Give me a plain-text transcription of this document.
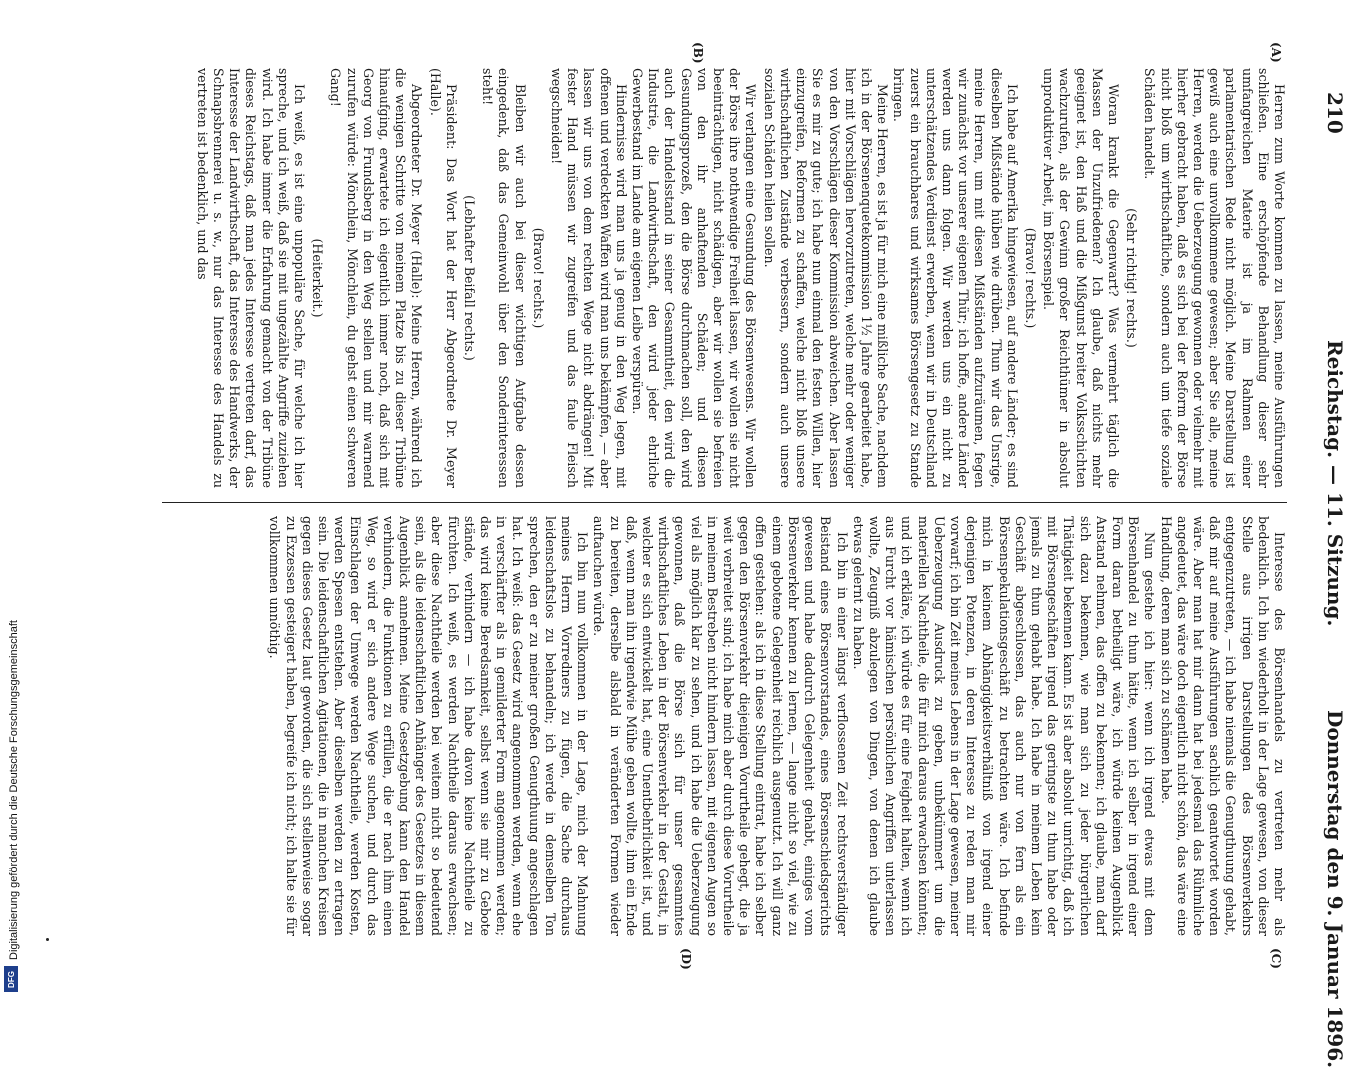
210
Reichstag. — 11. Sitzung.
Donnerstag den 9. Januar 1896.
(A)
(B)
(C)
(D)

Herren zum Worte kommen zu lassen, meine Ausführungen schließen. Eine erschöpfende Behandlung dieser sehr umfangreichen Materie ist ja im Rahmen einer parlamentarischen Rede nicht möglich. Meine Darstellung ist gewiß auch eine unvollkommene gewesen; aber Sie alle, meine Herren, werden die Ueberzeugung gewonnen oder vielmehr mit hierher gebracht haben, daß es sich bei der Reform der Börse nicht bloß um wirthschaftliche, sondern auch um tiefe soziale Schäden handelt.

(Sehr richtig! rechts.)

Woran krankt die Gegenwart? Was vermehrt täglich die Massen der Unzufriedenen? Ich glaube, daß nichts mehr geeignet ist, den Haß und die Mißgunst breiter Volksschichten wachzurufen, als der Gewinn großer Reichthümer in absolut unproduktiver Arbeit, im Börsenspiel.

(Bravo! rechts.)

Ich habe auf Amerika hingewiesen, auf andere Länder; es sind dieselben Mißstände hüben wie drüben. Thun wir das Unsrige, meine Herren, um mit diesen Mißständen aufzuräumen, fegen wir zunächst vor unserer eigenen Thür; ich hoffe, andere Länder werden uns dann folgen. Wir werden uns ein nicht zu unterschätzendes Verdienst erwerben, wenn wir in Deutschland zuerst ein brauchbares und wirksames Börsengesetz zu Stande bringen.

Meine Herren, es ist ja für mich eine mißliche Sache, nachdem ich in der Börsenenquetekommission 1½ Jahre gearbeitet habe, hier mit Vorschlägen hervorzutreten, welche mehr oder weniger von den Vorschlägen dieser Kommission abweichen. Aber lassen Sie es mir zu gute; ich habe nun einmal den festen Willen, hier einzugreifen, Reformen zu schaffen, welche nicht bloß unsere wirthschaftlichen Zustände verbessern, sondern auch unsere sozialen Schäden heilen sollen.

Wir verlangen eine Gesundung des Börsenwesens. Wir wollen der Börse ihre nothwendige Freiheit lassen, wir wollen sie nicht beeinträchtigen, nicht schädigen, aber wir wollen sie befreien von den ihr anhaftenden Schäden; und diesen Gesundungsprozeß, den die Börse durchmachen soll, den wird auch der Handelsstand in seiner Gesammtheit, den wird die Industrie, die Landwirthschaft, den wird jeder ehrliche Gewerbestand im Lande am eigenen Leibe verspüren.

Hindernisse wird man uns ja genug in den Weg legen, mit offenen und verdeckten Waffen wird man uns bekämpfen, — aber lassen wir uns von dem rechten Wege nicht abdrängen! Mit fester Hand müssen wir zugreifen und das faule Fleisch wegschneiden!

(Bravo! rechts.)

Bleiben wir auch bei dieser wichtigen Aufgabe dessen eingedenk, daß das Gemeinwohl über den Sonderinteressen steht!

(Lebhafter Beifall rechts.)

Präsident: Das Wort hat der Herr Abgeordnete Dr. Meyer (Halle).

Abgeordneter Dr. Meyer (Halle): Meine Herren, während ich die wenigen Schritte von meinem Platze bis zu dieser Tribüne hinaufging, erwartete ich eigentlich immer noch, daß sich mit Georg von Frundsberg in den Weg stellen und mir warnend zurufen würde: Mönchlein, Mönchlein, du gehst einen schweren Gang!

(Heiterkeit.)

Ich weiß, es ist eine unpopuläre Sache, für welche ich hier spreche, und ich weiß, daß sie mit ungezählte Angriffe zuziehen wird. Ich habe immer die Erfahrung gemacht von der Tribüne dieses Reichstags, daß man jedes Interesse vertreten darf, das Interesse der Landwirthschaft, das Interesse des Handwerks, der Schnapsbrennerei u. s. w., nur das Interesse des Handels zu vertreten ist bedenklich, und das

Interesse des Börsenhandels zu vertreten mehr als bedenklich. Ich bin wiederholt in der Lage gewesen, von dieser Stelle aus irrigen Darstellungen des Börsenverkehrs entgegenzutreten, — ich habe niemals die Genugthuung gehabt, daß mir auf meine Ausführungen sachlich geantwortet worden wäre. Aber man hat mir dann hat bei jedesmal das Rühmliche angedeutet, das wäre doch eigentlich nicht schön, das wäre eine Handlung, deren man sich zu schämen habe.

Nun gestehe ich hier: wenn ich irgend etwas mit dem Börsenhandel zu thun hätte, wenn ich selber in irgend einer Form daran betheiligt wäre, ich würde keinen Augenblick Anstand nehmen, das offen zu bekennen; ich glaube, man darf sich dazu bekennen, wie man sich zu jeder bürgerlichen Thätigkeit bekennen kann. Es ist aber absolut unrichtig, daß ich mit Börsengeschäften irgend das geringste zu thun habe oder jemals zu thun gehabt habe. Ich habe in meinem Leben kein Geschäft abgeschlossen, das auch nur von fern als ein Börsenspekulationsgeschäft zu betrachten wäre. Ich befinde mich in keinem Abhängigkeitsverhältniß von irgend einer derjenigen Potenzen, in deren Interesse zu reden man mir vorwarf; ich bin Zeit meines Lebens in der Lage gewesen, meiner Ueberzeugung Ausdruck zu geben, unbekümmert um die materiellen Nachtheile, die für mich daraus erwachsen könnten; und ich erkläre, ich würde es für eine Feigheit halten, wenn ich aus Furcht vor hämischen persönlichen Angriffen unterlassen wollte, Zeugniß abzulegen von Dingen, von denen ich glaube etwas gelernt zu haben.

Ich bin in einer längst verflossenen Zeit rechtsverständiger Beistand eines Börsenvorstandes, eines Börsenschiedsgerichts gewesen und habe dadurch Gelegenheit gehabt, einiges vom Börsenverkehr kennen zu lernen, — lange nicht so viel, wie zu einem gebotene Gelegenheit reichlich ausgenutzt. Ich will ganz offen gestehen: als ich in diese Stellung eintrat, habe ich selber gegen den Börsenverkehr diejenigen Vorurtheile gehegt, die ja weit verbreitet sind; ich habe mich aber durch diese Vorurtheile in meinem Bestreben nicht hindern lassen, mit eigenen Augen so viel als möglich klar zu sehen, und ich habe die Ueberzeugung gewonnen, daß die Börse sich für unser gesammtes wirthschaftliches Leben in der Börsenverkehr in der Gestalt, in welcher es sich entwickelt hat, eine Unentbehrlichkeit ist, und daß, wenn man ihn irgendwie Mühe geben wollte, ihm ein Ende zu bereiten, derselbe alsbald in veränderten Formen wieder auftauchen würde.

Ich bin nun vollkommen in der Lage, mich der Mahnung meines Herrn Vorredners zu fügen, die Sache durchaus leidenschaftslos zu behandeln; ich werde in demselben Ton sprechen, den er zu meiner großen Genugthuung angeschlagen hat. Ich weiß: das Gesetz wird angenommen werden, wenn ehe in verschärfter als in gemilderter Form angenommen werden; das wird keine Beredsamkeit, selbst wenn sie mir zu Gebote stände, verhindern — ich habe davon keine Nachtheile zu fürchten. Ich weiß, es werden Nachtheile daraus erwachsen; aber diese Nachtheile werden bei weitem nicht so bedeutend sein, als die leidenschaftlichen Anhänger des Gesetzes in diesem Augenblick annehmen. Meine Gesetzgebung kann den Handel verhindern, die Funktionen zu erfüllen, die er nach ihm einen Weg, so wird er sich andere Wege suchen, und durch das Einschlagen der Umwege werden Nachtheile, werden Kosten, werden Spesen entstehen. Aber dieselben werden zu ertragen sein. Die leidenschaftlichen Agitationen, die in manchen Kreisen gegen dieses Gesetz laut geworden, die sich stellenweise sogar zu Exzessen gesteigert haben, begreife ich nicht; ich halte sie für vollkommen unnöthig.

Digitalisierung gefördert durch die Deutsche Forschungsgemeinschaft
DFG
